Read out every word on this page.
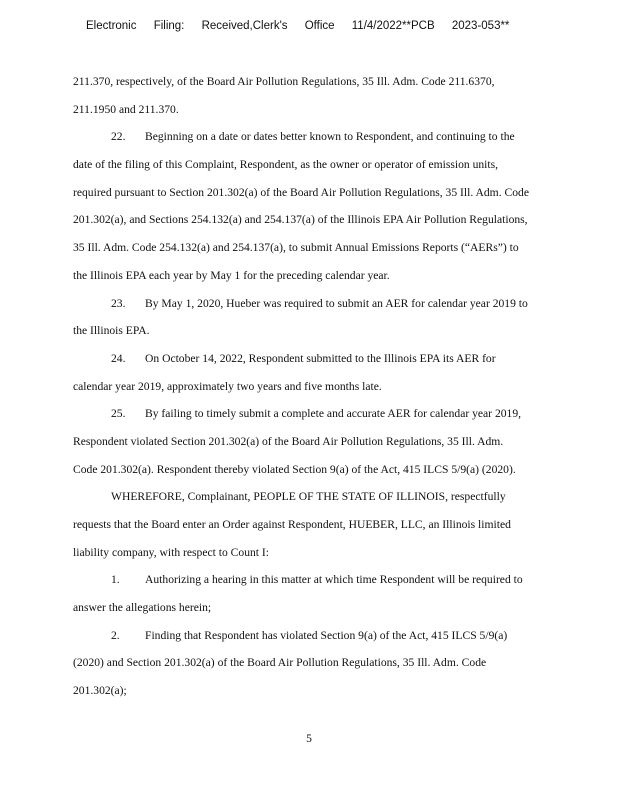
Electronic Filing: Received,Clerk's Office 11/4/2022**PCB 2023-053**
211.370, respectively, of the Board Air Pollution Regulations, 35 Ill. Adm. Code 211.6370,
211.1950 and 211.370.
22. Beginning on a date or dates better known to Respondent, and continuing to the
date of the filing of this Complaint, Respondent, as the owner or operator of emission units,
required pursuant to Section 201.302(a) of the Board Air Pollution Regulations, 35 Ill. Adm. Code
201.302(a), and Sections 254.132(a) and 254.137(a) of the Illinois EPA Air Pollution Regulations,
35 Ill. Adm. Code 254.132(a) and 254.137(a), to submit Annual Emissions Reports (“AERs”) to
the Illinois EPA each year by May 1 for the preceding calendar year.
23. By May 1, 2020, Hueber was required to submit an AER for calendar year 2019 to
the Illinois EPA.
24. On October 14, 2022, Respondent submitted to the Illinois EPA its AER for
calendar year 2019, approximately two years and five months late.
25. By failing to timely submit a complete and accurate AER for calendar year 2019,
Respondent violated Section 201.302(a) of the Board Air Pollution Regulations, 35 Ill. Adm.
Code 201.302(a). Respondent thereby violated Section 9(a) of the Act, 415 ILCS 5/9(a) (2020).
WHEREFORE, Complainant, PEOPLE OF THE STATE OF ILLINOIS, respectfully
requests that the Board enter an Order against Respondent, HUEBER, LLC, an Illinois limited
liability company, with respect to Count I:
1. Authorizing a hearing in this matter at which time Respondent will be required to
answer the allegations herein;
2. Finding that Respondent has violated Section 9(a) of the Act, 415 ILCS 5/9(a)
(2020) and Section 201.302(a) of the Board Air Pollution Regulations, 35 Ill. Adm. Code
201.302(a);
5
